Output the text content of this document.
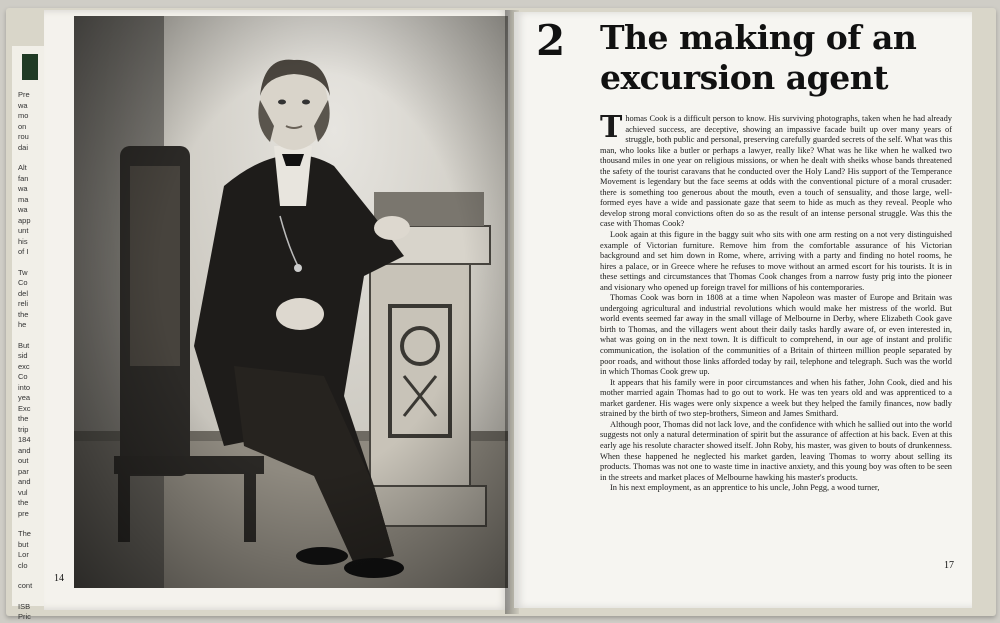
Pre
wa
mo
on
rou
dai
Alt
fan
wa
ma
wa
app
unt
his
of I
Tw
Co
del
reli
the
he
But
sid
exc
Co
into
yea
Exc
the
trip
184
and
out
par
and
vul
the
pre
The
but
Lor
clo
cont
ISB
Pric
14
2 The making of an excursion agent

Thomas Cook is a difficult person to know. His surviving photographs, taken when he had already achieved success, are deceptive, showing an impassive facade built up over many years of struggle, both public and personal, preserving carefully guarded secrets of the self. What was this man, who looks like a butler or perhaps a lawyer, really like? What was he like when he walked two thousand miles in one year on religious missions, or when he dealt with sheiks whose bands threatened the safety of the tourist caravans that he conducted over the Holy Land? His support of the Temperance Movement is legendary but the face seems at odds with the conventional picture of a moral crusader: there is something too generous about the mouth, even a touch of sensuality, and those large, well-formed eyes have a wide and passionate gaze that seem to hide as much as they reveal. People who develop strong moral convictions often do so as the result of an intense personal struggle. Was this the case with Thomas Cook?

Look again at this figure in the baggy suit who sits with one arm resting on a not very distinguished example of Victorian furniture. Remove him from the comfortable assurance of his Victorian background and set him down in Rome, where, arriving with a party and finding no hotel rooms, he hires a palace, or in Greece where he refuses to move without an armed escort for his tourists. It is in these settings and circumstances that Thomas Cook changes from a narrow fusty prig into the pioneer and visionary who opened up foreign travel for millions of his contemporaries.

Thomas Cook was born in 1808 at a time when Napoleon was master of Europe and Britain was undergoing agricultural and industrial revolutions which would make her mistress of the world. But world events seemed far away in the small village of Melbourne in Derby, where Elizabeth Cook gave birth to Thomas, and the villagers went about their daily tasks hardly aware of, or even interested in, what was going on in the next town. It is difficult to comprehend, in our age of instant and prolific communication, the isolation of the communities of a Britain of thirteen million people separated by poor roads, and without those links afforded today by rail, telephone and telegraph. Such was the world in which Thomas Cook grew up.

It appears that his family were in poor circumstances and when his father, John Cook, died and his mother married again Thomas had to go out to work. He was ten years old and was apprenticed to a market gardener. His wages were only sixpence a week but they helped the family finances, now badly strained by the birth of two step-brothers, Simeon and James Smithard.

Although poor, Thomas did not lack love, and the confidence with which he sallied out into the world suggests not only a natural determination of spirit but the assurance of affection at his back. Even at this early age his resolute character showed itself. John Roby, his master, was given to bouts of drunkenness. When these happened he neglected his market garden, leaving Thomas to worry about selling its products. Thomas was not one to waste time in inactive anxiety, and this young boy was often to be seen in the streets and market places of Melbourne hawking his master's products.

In his next employment, as an apprentice to his uncle, John Pegg, a wood turner,

17
